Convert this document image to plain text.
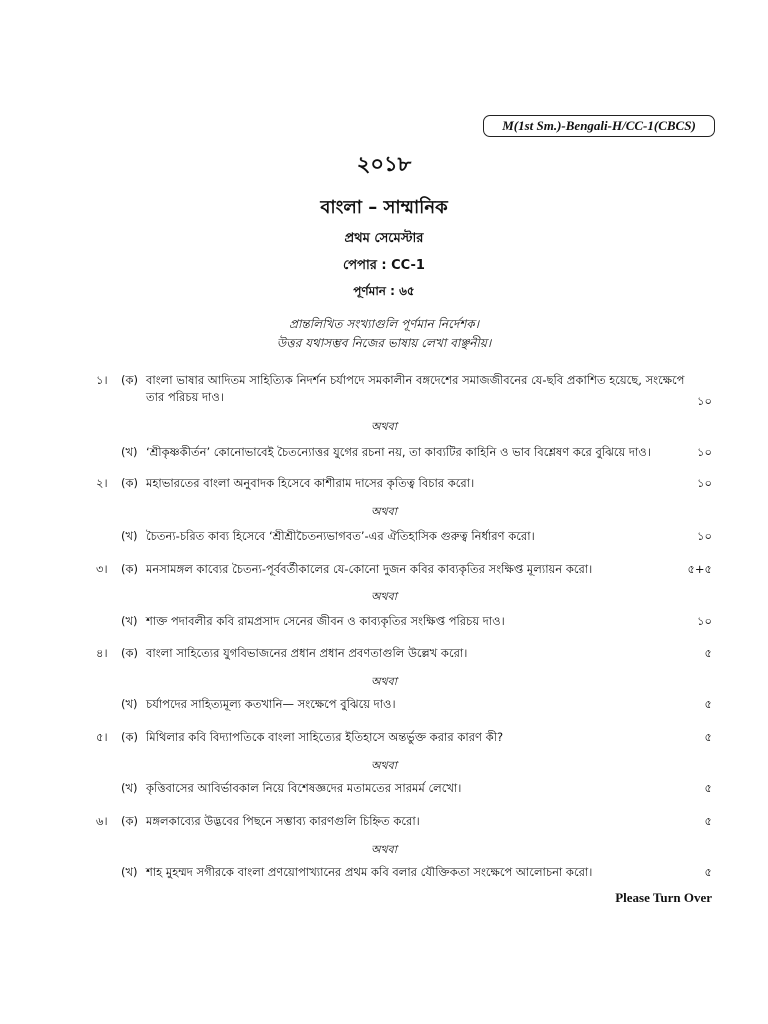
M(1st Sm.)-Bengali-H/CC-1(CBCS)
২০১৮
বাংলা – সাম্মানিক
প্রথম সেমেস্টার
পেপার : CC-1
পূর্ণমান : ৬৫
প্রান্তলিখিত সংখ্যাগুলি পূর্ণমান নির্দেশক।
উত্তর যথাসম্ভব নিজের ভাষায় লেখা বাঞ্ছনীয়।
১। (ক) বাংলা ভাষার আদিতম সাহিত্যিক নিদর্শন চর্যাপদে সমকালীন বঙ্গদেশের সমাজজীবনের যে-ছবি প্রকাশিত হয়েছে, সংক্ষেপে
তার পরিচয় দাও।	১০
অথবা
(খ) ‘শ্রীকৃষ্ণকীর্তন’ কোনোভাবেই চৈতন্যোত্তর যুগের রচনা নয়, তা কাব্যটির কাহিনি ও ভাব বিশ্লেষণ করে বুঝিয়ে দাও।	১০
২। (ক) মহাভারতের বাংলা অনুবাদক হিসেবে কাশীরাম দাসের কৃতিত্ব বিচার করো।	১০
অথবা
(খ) চৈতন্য-চরিত কাব্য হিসেবে ‘শ্রীশ্রীচৈতন্যভাগবত’-এর ঐতিহাসিক গুরুত্ব নির্ধারণ করো।	১০
৩। (ক) মনসামঙ্গল কাব্যের চৈতন্য-পূর্ববর্তীকালের যে-কোনো দুজন কবির কাব্যকৃতির সংক্ষিপ্ত মূল্যায়ন করো।	৫+৫
অথবা
(খ) শাক্ত পদাবলীর কবি রামপ্রসাদ সেনের জীবন ও কাব্যকৃতির সংক্ষিপ্ত পরিচয় দাও।	১০
৪। (ক) বাংলা সাহিত্যের যুগবিভাজনের প্রধান প্রধান প্রবণতাগুলি উল্লেখ করো।	৫
অথবা
(খ) চর্যাপদের সাহিত্যমূল্য কতখানি— সংক্ষেপে বুঝিয়ে দাও।	৫
৫। (ক) মিথিলার কবি বিদ্যাপতিকে বাংলা সাহিত্যের ইতিহাসে অন্তর্ভুক্ত করার কারণ কী?	৫
অথবা
(খ) কৃত্তিবাসের আবির্ভাবকাল নিয়ে বিশেষজ্ঞদের মতামতের সারমর্ম লেখো।	৫
৬। (ক) মঙ্গলকাব্যের উদ্ভবের পিছনে সম্ভাব্য কারণগুলি চিহ্নিত করো।	৫
অথবা
(খ) শাহ মুহম্মদ সগীরকে বাংলা প্রণয়োপাখ্যানের প্রথম কবি বলার যৌক্তিকতা সংক্ষেপে আলোচনা করো।	৫
Please Turn Over
